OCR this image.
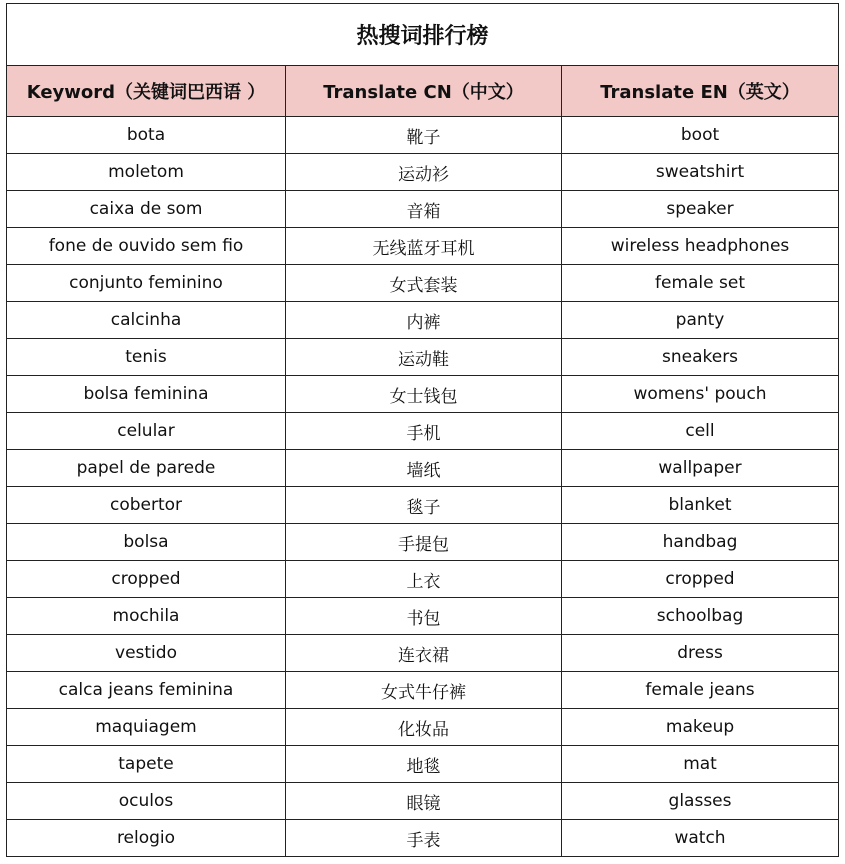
热搜词排行榜		
Keyword（关键词巴西语 ）	Translate CN（中文）	Translate EN（英文）
bota	靴子	boot
moletom	运动衫	sweatshirt
caixa de som	音箱	speaker
fone de ouvido sem fio	无线蓝牙耳机	wireless headphones
conjunto feminino	女式套装	female set
calcinha	内裤	panty
tenis	运动鞋	sneakers
bolsa feminina	女士钱包	womens' pouch
celular	手机	cell
papel de parede	墙纸	wallpaper
cobertor	毯子	blanket
bolsa	手提包	handbag
cropped	上衣	cropped
mochila	书包	schoolbag
vestido	连衣裙	dress
calca jeans feminina	女式牛仔裤	female jeans
maquiagem	化妆品	makeup
tapete	地毯	mat
oculos	眼镜	glasses
relogio	手表	watch
